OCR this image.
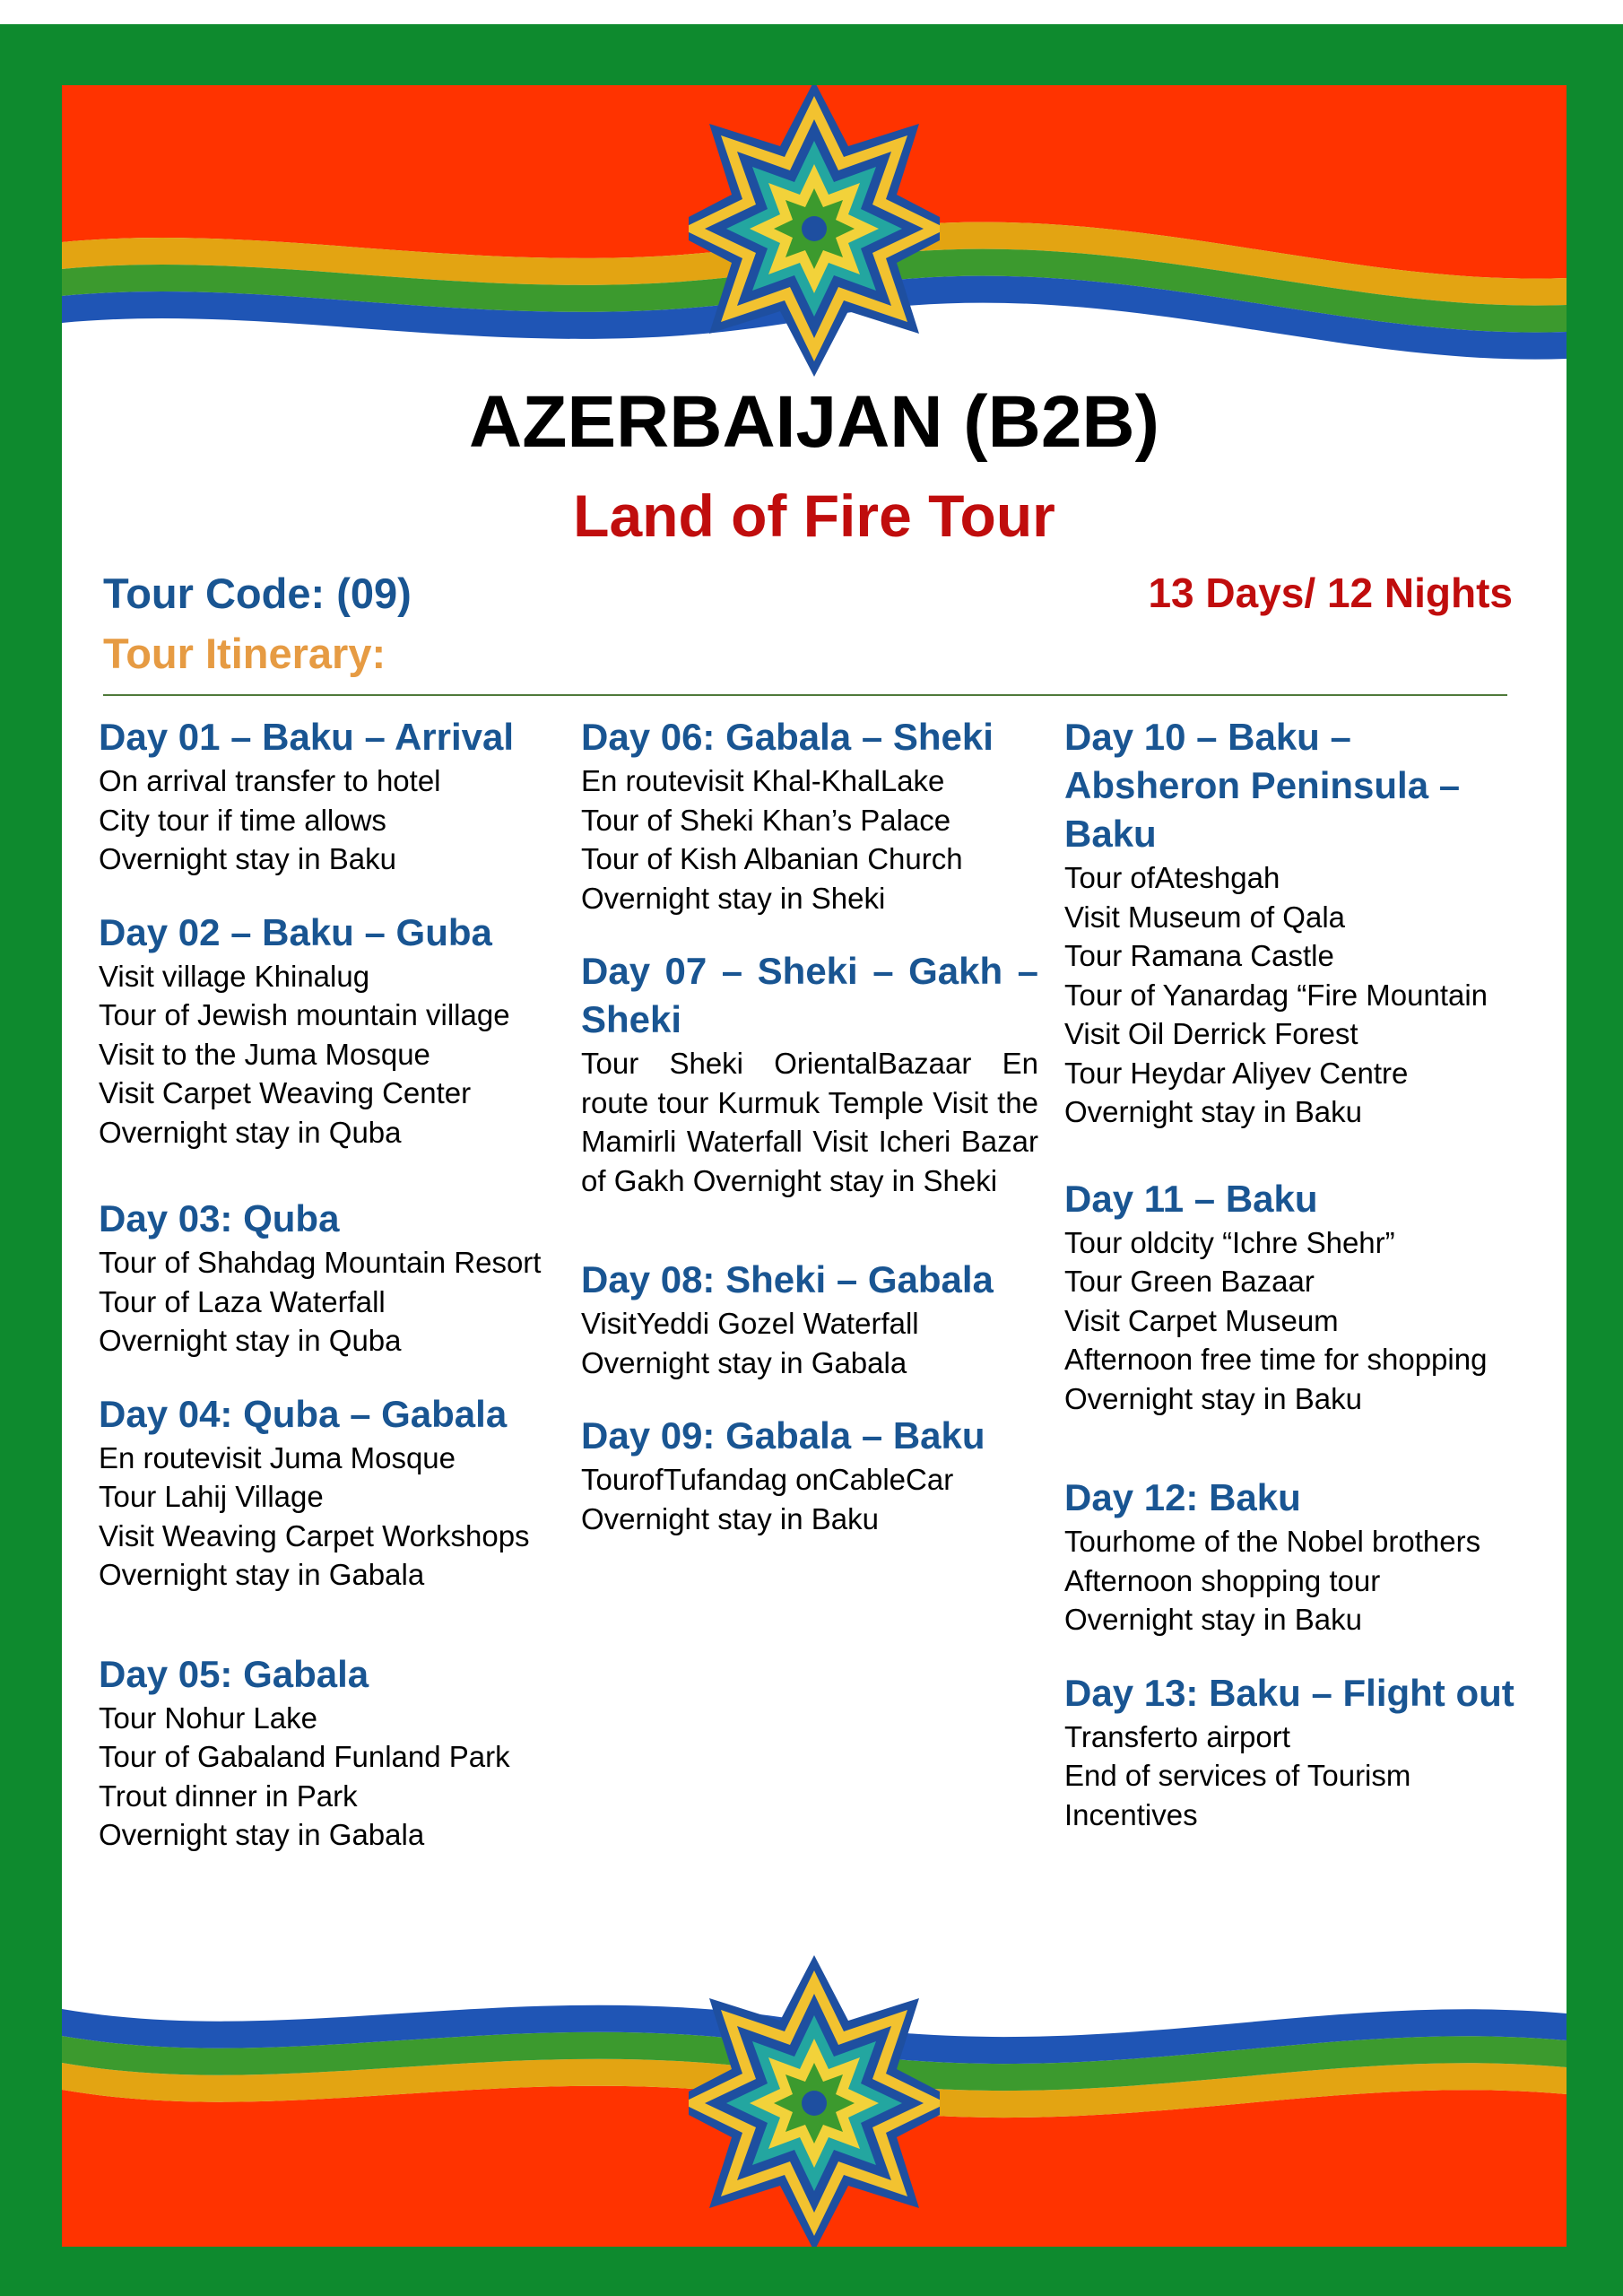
AZERBAIJAN (B2B)
Land of Fire Tour
Tour Code: (09)	13 Days/ 12 Nights
Tour Itinerary:
Day 01 – Baku – Arrival
On arrival transfer to hotel
City tour if time allows
Overnight stay in Baku
Day 02 – Baku – Guba
Visit village Khinalug
Tour of Jewish mountain village
Visit to the Juma Mosque
Visit Carpet Weaving Center
Overnight stay in Quba
Day 03: Quba
Tour of Shahdag Mountain Resort
Tour of Laza Waterfall
Overnight stay in Quba
Day 04: Quba – Gabala
En routevisit Juma Mosque
Tour Lahij Village
Visit Weaving Carpet Workshops
Overnight stay in Gabala
Day 05: Gabala
Tour Nohur Lake
Tour of Gabaland Funland Park
Trout dinner in Park
Overnight stay in Gabala
Day 06: Gabala – Sheki
En routevisit Khal-KhalLake
Tour of Sheki Khan’s Palace
Tour of Kish Albanian Church
Overnight stay in Sheki
Day 07 – Sheki – Gakh – Sheki
Tour Sheki OrientalBazaar En route tour Kurmuk Temple Visit the Mamirli Waterfall Visit Icheri Bazar of Gakh Overnight stay in Sheki
Day 08: Sheki – Gabala
VisitYeddi Gozel Waterfall
Overnight stay in Gabala
Day 09: Gabala – Baku
TourofTufandag onCableCar
Overnight stay in Baku
Day 10 – Baku – Absheron Peninsula – Baku
Tour ofAteshgah
Visit Museum of Qala
Tour Ramana Castle
Tour of Yanardag “Fire Mountain
Visit Oil Derrick Forest
Tour Heydar Aliyev Centre
Overnight stay in Baku
Day 11 – Baku
Tour oldcity “Ichre Shehr”
Tour Green Bazaar
Visit Carpet Museum
Afternoon free time for shopping
Overnight stay in Baku
Day 12: Baku
Tourhome of the Nobel brothers
Afternoon shopping tour
Overnight stay in Baku
Day 13: Baku – Flight out
Transferto airport
End of services of Tourism
Incentives
